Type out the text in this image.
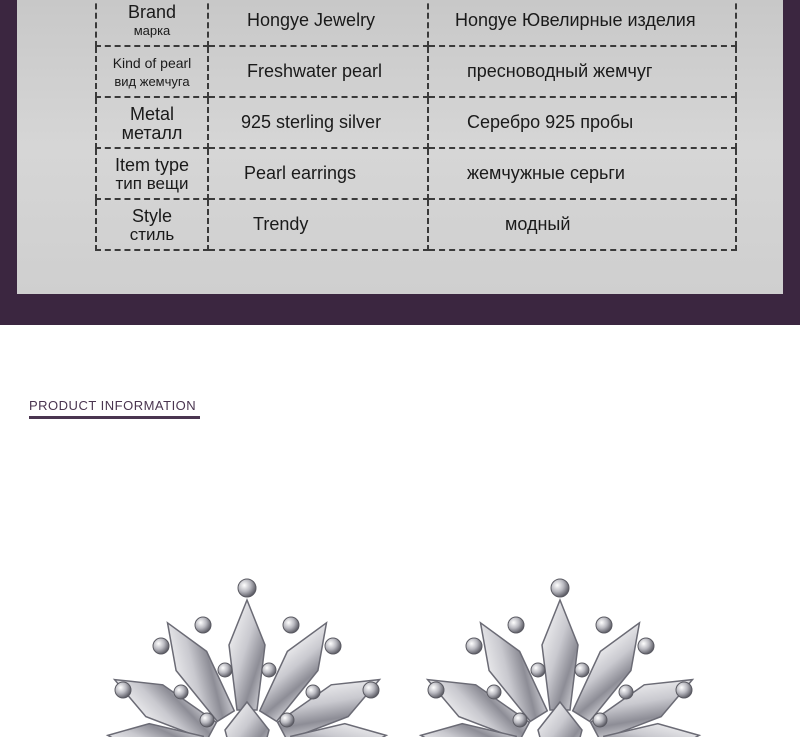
Brand
марка	Hongye Jewelry	Hongye Ювелирные изделия

Kind of pearl
вид жемчуга	Freshwater pearl	пресноводный жемчуг

Metal
металл	925 sterling silver	Серебро 925 пробы

Item type
тип вещи	Pearl earrings	жемчужные серьги

Style
стиль	Trendy	модный
PRODUCT INFORMATION
